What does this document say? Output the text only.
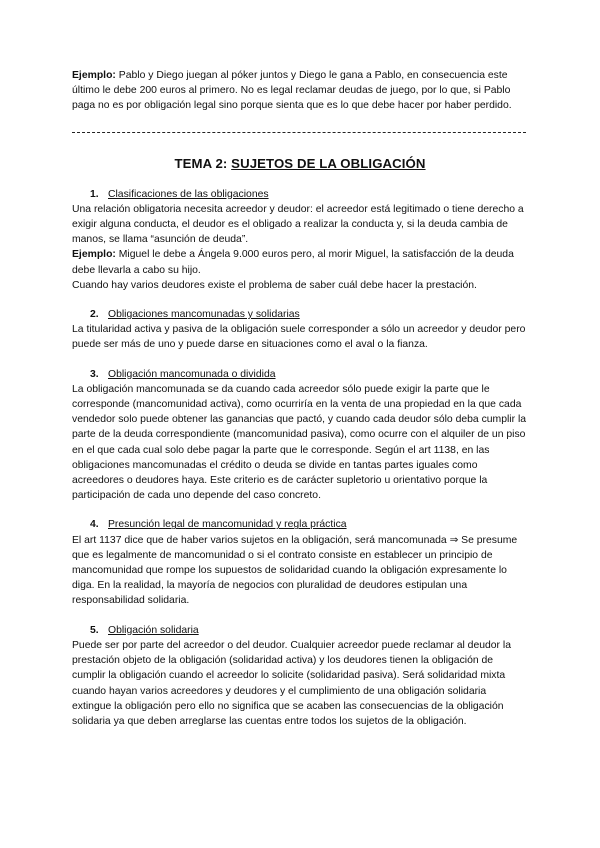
Ejemplo: Pablo y Diego juegan al póker juntos y Diego le gana a Pablo, en consecuencia este último le debe 200 euros al primero. No es legal reclamar deudas de juego, por lo que, si Pablo paga no es por obligación legal sino porque sienta que es lo que debe hacer por haber perdido.

TEMA 2: SUJETOS DE LA OBLIGACIÓN
1. Clasificaciones de las obligaciones

Una relación obligatoria necesita acreedor y deudor: el acreedor está legitimado o tiene derecho a exigir alguna conducta, el deudor es el obligado a realizar la conducta y, si la deuda cambia de manos, se llama “asunción de deuda”.

Ejemplo: Miguel le debe a Ángela 9.000 euros pero, al morir Miguel, la satisfacción de la deuda debe llevarla a cabo su hijo.

Cuando hay varios deudores existe el problema de saber cuál debe hacer la prestación.

2. Obligaciones mancomunadas y solidarias

La titularidad activa y pasiva de la obligación suele corresponder a sólo un acreedor y deudor pero puede ser más de uno y puede darse en situaciones como el aval o la fianza.

3. Obligación mancomunada o dividida

La obligación mancomunada se da cuando cada acreedor sólo puede exigir la parte que le corresponde (mancomunidad activa), como ocurriría en la venta de una propiedad en la que cada vendedor solo puede obtener las ganancias que pactó, y cuando cada deudor sólo deba cumplir la parte de la deuda correspondiente (mancomunidad pasiva), como ocurre con el alquiler de un piso en el que cada cual solo debe pagar la parte que le corresponde. Según el art 1138, en las obligaciones mancomunadas el crédito o deuda se divide en tantas partes iguales como acreedores o deudores haya. Este criterio es de carácter supletorio u orientativo porque la participación de cada uno depende del caso concreto.

4. Presunción legal de mancomunidad y regla práctica

El art 1137 dice que de haber varios sujetos en la obligación, será mancomunada ⇒ Se presume que es legalmente de mancomunidad o si el contrato consiste en establecer un principio de mancomunidad que rompe los supuestos de solidaridad cuando la obligación expresamente lo diga. En la realidad, la mayoría de negocios con pluralidad de deudores estipulan una responsabilidad solidaria.

5. Obligación solidaria

Puede ser por parte del acreedor o del deudor. Cualquier acreedor puede reclamar al deudor la prestación objeto de la obligación (solidaridad activa) y los deudores tienen la obligación de cumplir la obligación cuando el acreedor lo solicite (solidaridad pasiva). Será solidaridad mixta cuando hayan varios acreedores y deudores y el cumplimiento de una obligación solidaria extingue la obligación pero ello no significa que se acaben las consecuencias de la obligación solidaria ya que deben arreglarse las cuentas entre todos los sujetos de la obligación.
